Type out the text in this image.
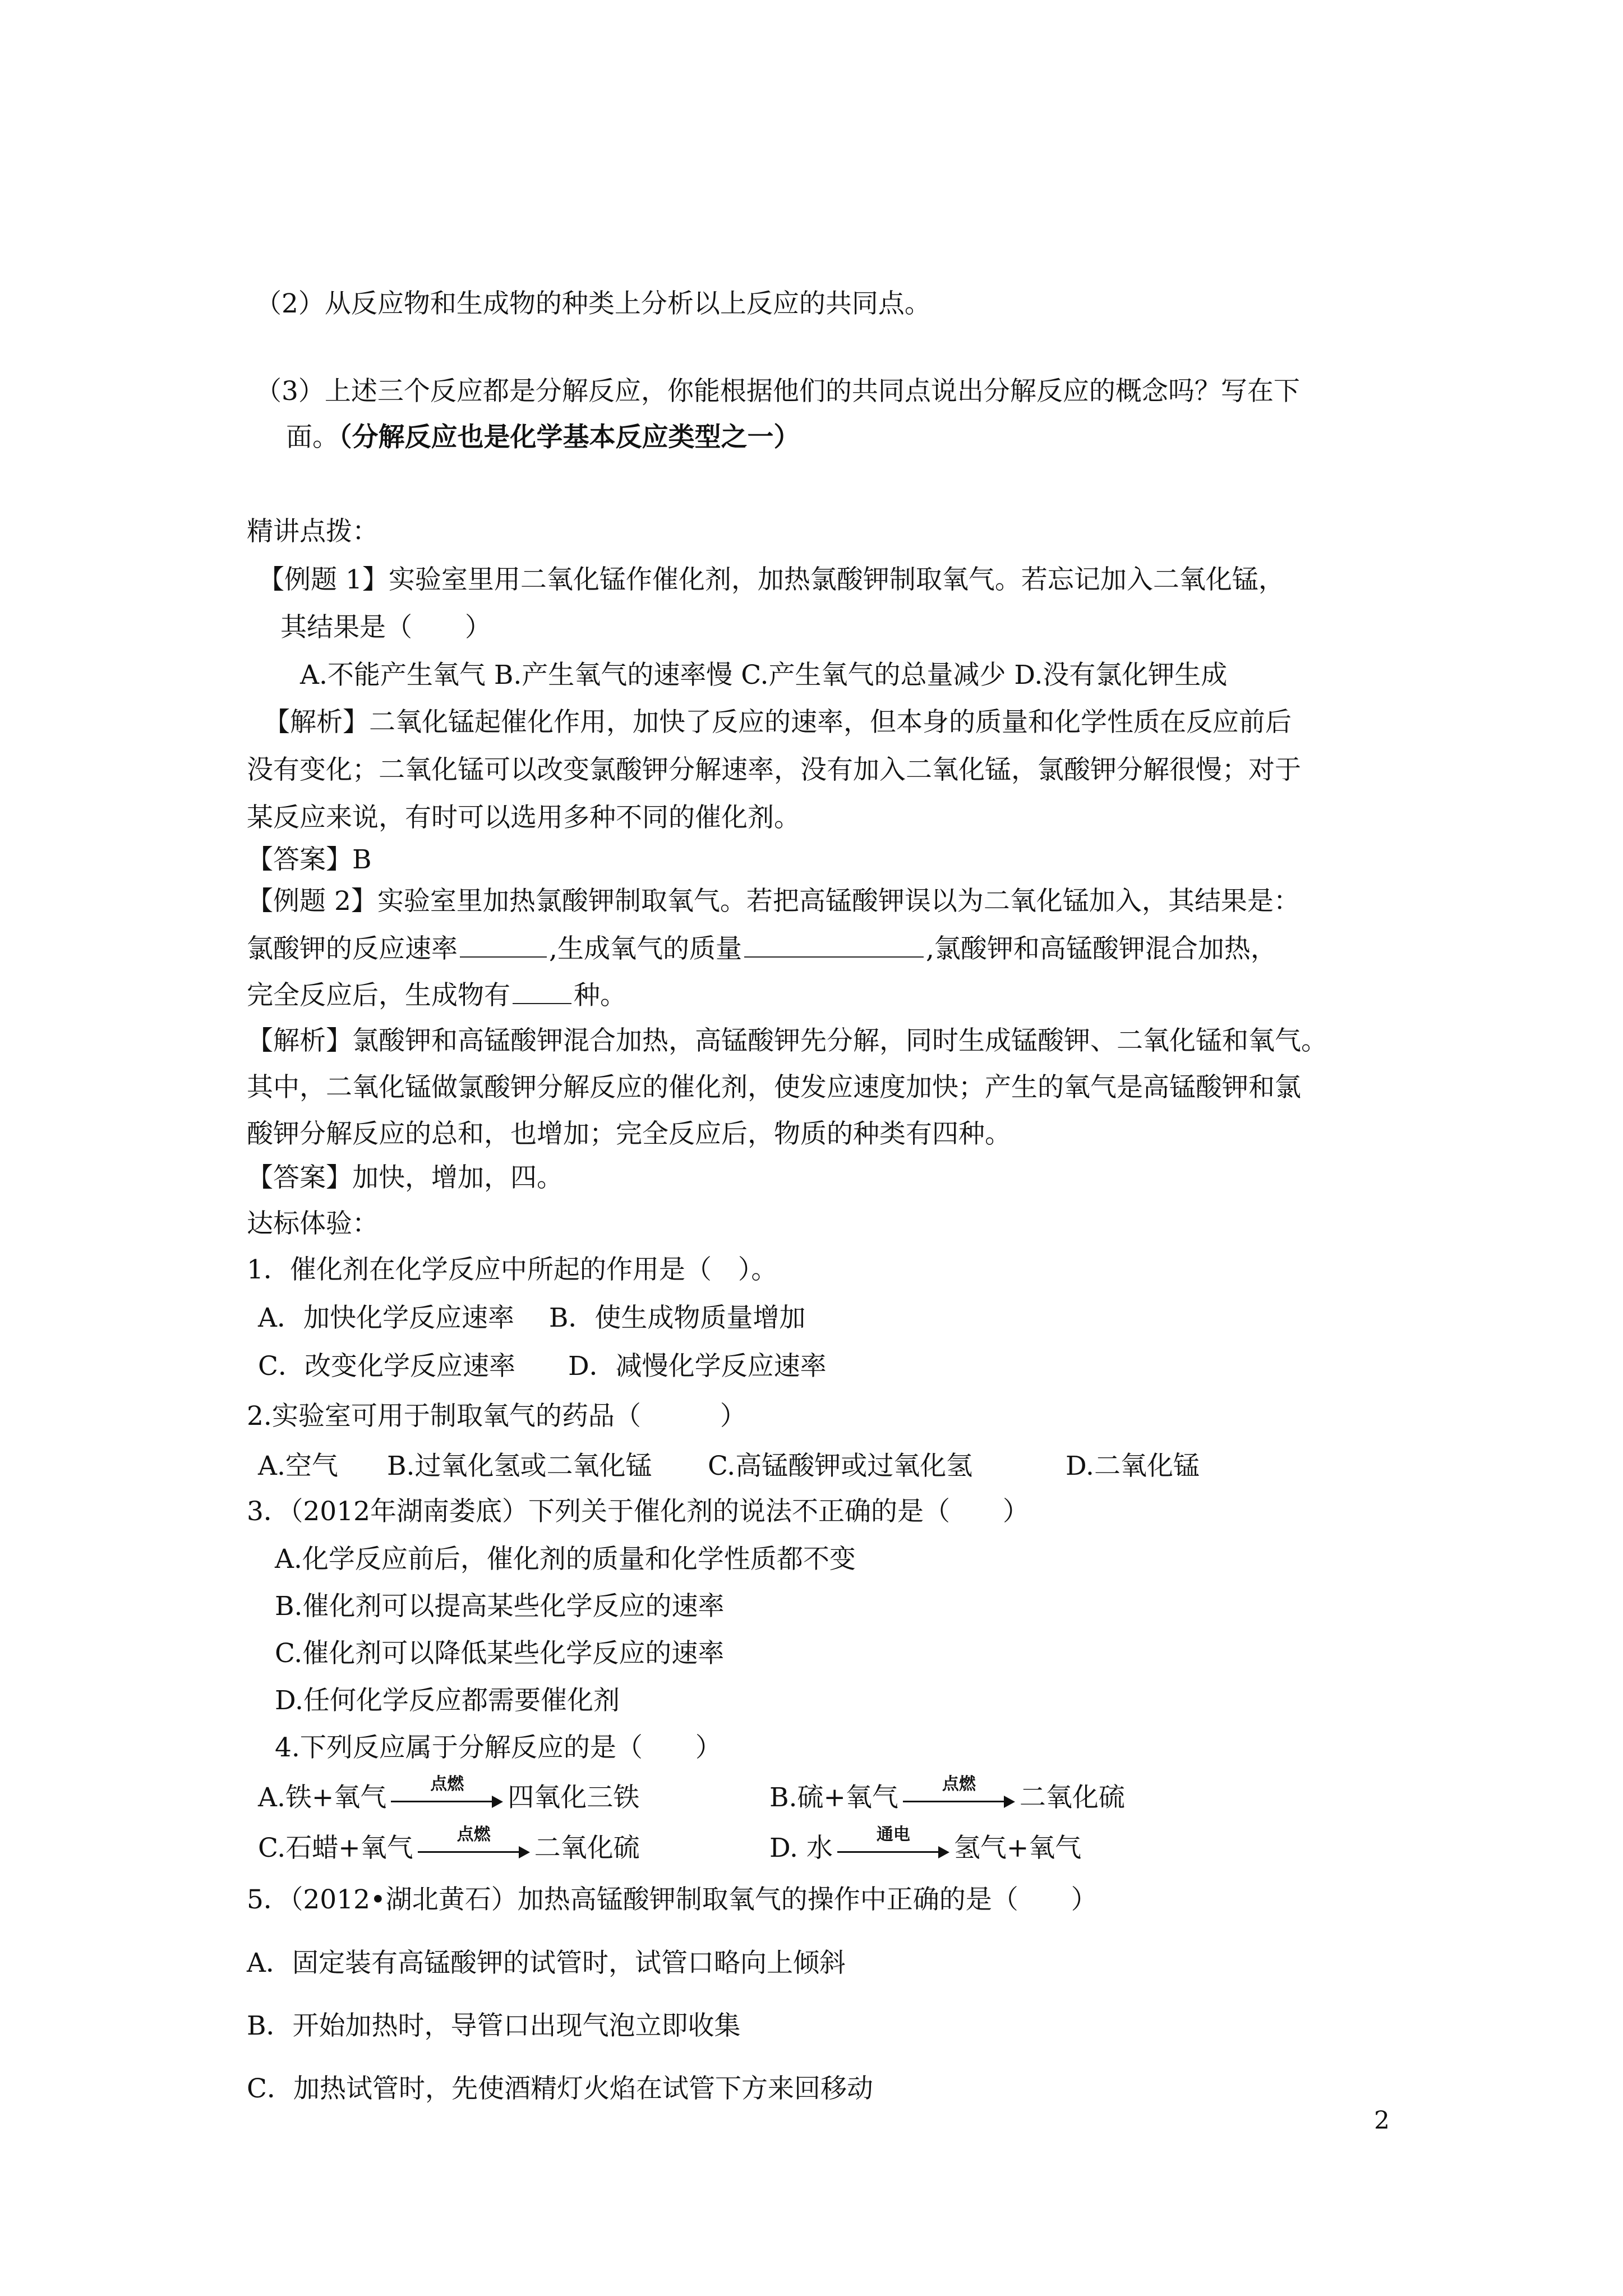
（2）从反应物和生成物的种类上分析以上反应的共同点。
（3）上述三个反应都是分解反应，你能根据他们的共同点说出分解反应的概念吗？写在下
面。（分解反应也是化学基本反应类型之一）
精讲点拨：
【例题 1】实验室里用二氧化锰作催化剂，加热氯酸钾制取氧气。若忘记加入二氧化锰，
其结果是（　　）
A.不能产生氧气 B.产生氧气的速率慢 C.产生氧气的总量减少 D.没有氯化钾生成
【解析】二氧化锰起催化作用，加快了反应的速率，但本身的质量和化学性质在反应前后
没有变化；二氧化锰可以改变氯酸钾分解速率，没有加入二氧化锰，氯酸钾分解很慢；对于
某反应来说，有时可以选用多种不同的催化剂。
【答案】B
【例题 2】实验室里加热氯酸钾制取氧气。若把高锰酸钾误以为二氧化锰加入，其结果是：
氯酸钾的反应速率	,生成氧气的质量	,氯酸钾和高锰酸钾混合加热，
完全反应后，生成物有 种。
【解析】氯酸钾和高锰酸钾混合加热，高锰酸钾先分解，同时生成锰酸钾、二氧化锰和氧气。
其中，二氧化锰做氯酸钾分解反应的催化剂，使发应速度加快；产生的氧气是高锰酸钾和氯
酸钾分解反应的总和，也增加；完全反应后，物质的种类有四种。
【答案】加快，增加，四。
达标体验：
1．催化剂在化学反应中所起的作用是（　）。
A．加快化学反应速率　 B．使生成物质量增加
C．改变化学反应速率　　D．减慢化学反应速率
2.实验室可用于制取氧气的药品（　　　）
A.空气 B.过氧化氢或二氧化锰 C.高锰酸钾或过氧化氢	D.二氧化锰
3．（2012年湖南娄底）下列关于催化剂的说法不正确的是（　　）
A.化学反应前后，催化剂的质量和化学性质都不变
B.催化剂可以提高某些化学反应的速率
C.催化剂可以降低某些化学反应的速率
D.任何化学反应都需要催化剂
4.下列反应属于分解反应的是（　　）
A.铁+氧气	点燃	四氧化三铁	B.硫+氧气	点燃	二氧化硫
C.石蜡+氧气	点燃	二氧化硫	D. 水	通电	氢气+氧气
5．（2012•湖北黄石）加热高锰酸钾制取氧气的操作中正确的是（　　）
A．固定装有高锰酸钾的试管时，试管口略向上倾斜
B．开始加热时，导管口出现气泡立即收集
C．加热试管时，先使酒精灯火焰在试管下方来回移动
2
